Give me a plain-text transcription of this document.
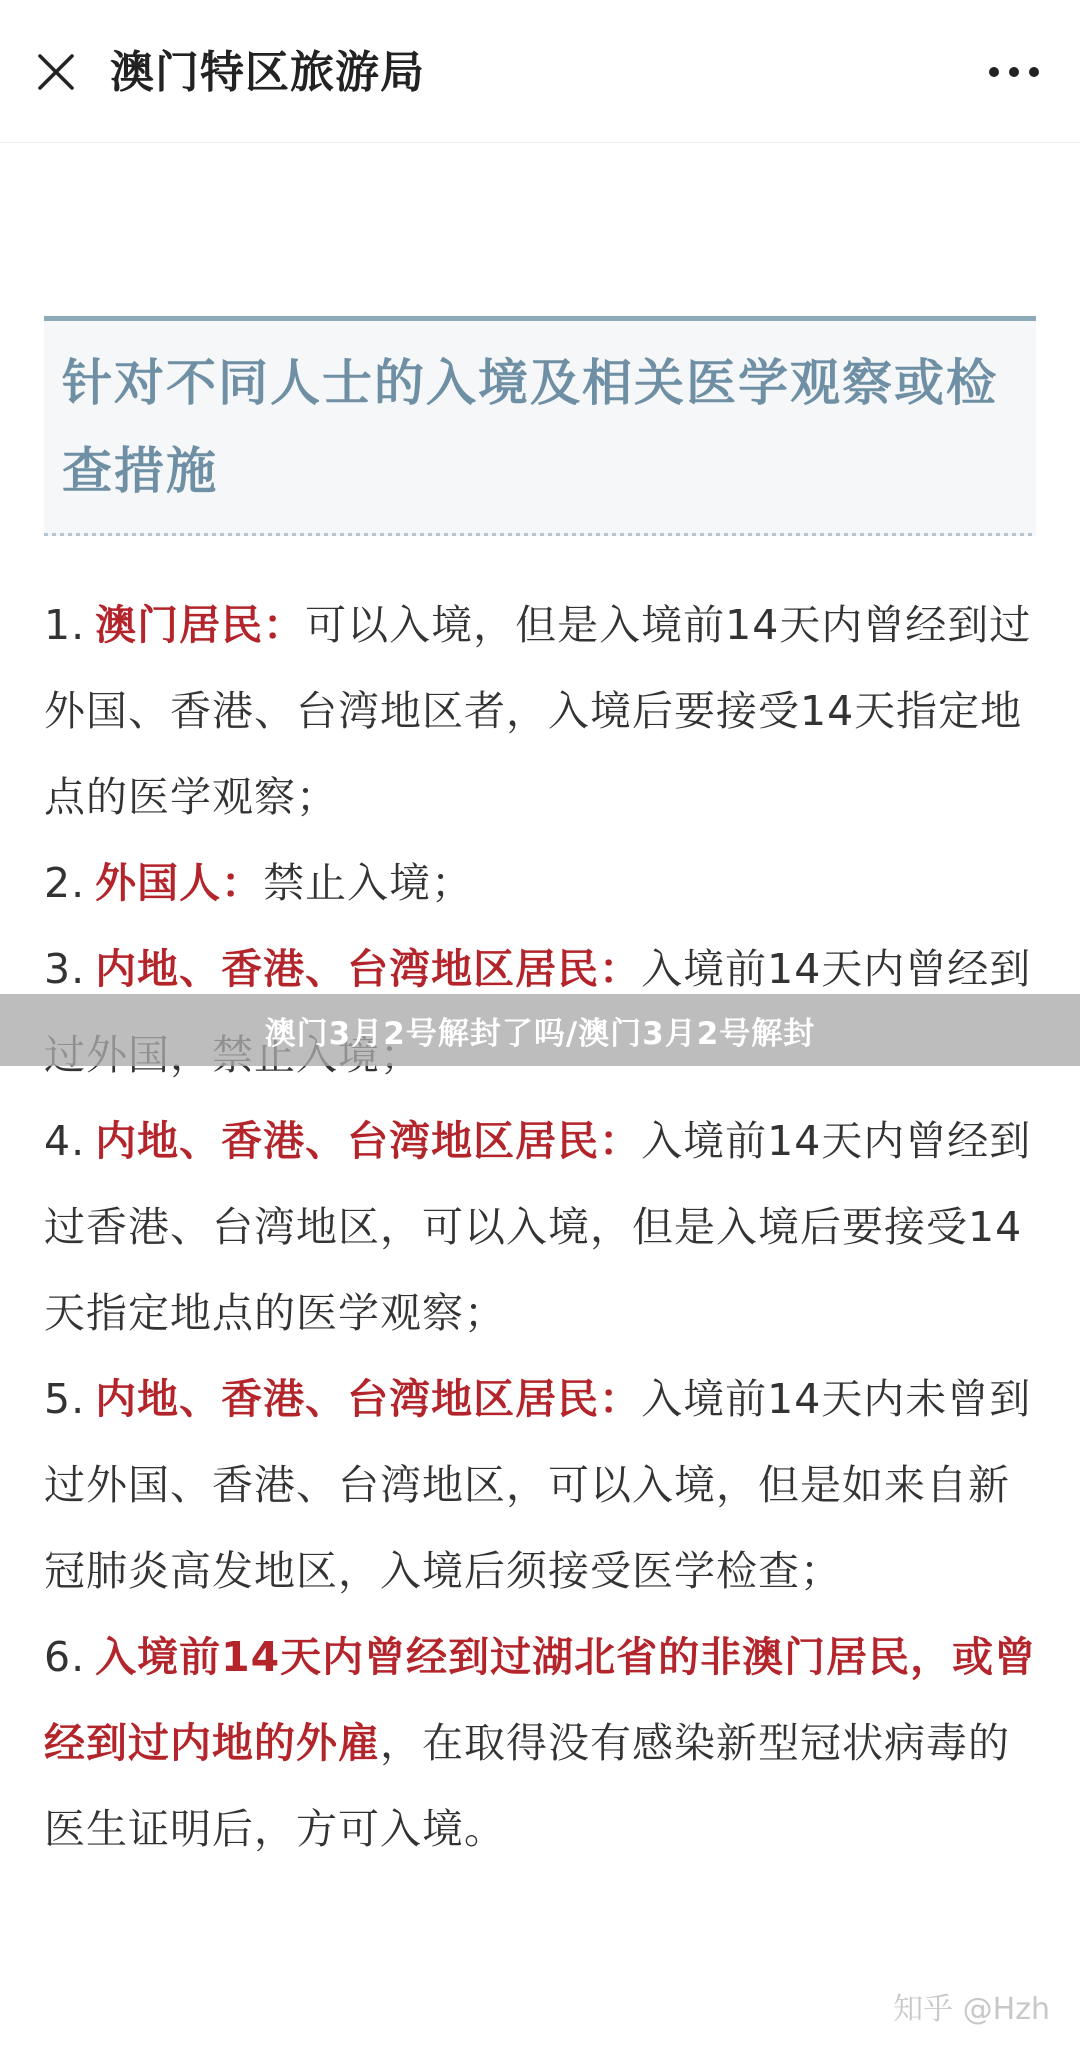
澳门特区旅游局
针对不同人士的入境及相关医学观察或检查措施

1. 澳门居民：可以入境，但是入境前14天内曾经到过外国、香港、台湾地区者，入境后要接受14天指定地点的医学观察；

2. 外国人：禁止入境；

3. 内地、香港、台湾地区居民：入境前14天内曾经到

4. 内地、香港、台湾地区居民：入境前14天内曾经到过香港、台湾地区，可以入境，但是入境后要接受14天指定地点的医学观察；

5. 内地、香港、台湾地区居民：入境前14天内未曾到过外国、香港、台湾地区，可以入境，但是如来自新冠肺炎高发地区，入境后须接受医学检查；

6. 入境前14天内曾经到过湖北省的非澳门居民，或曾经到过内地的外雇，在取得没有感染新型冠状病毒的医生证明后，方可入境。

澳门3月2号解封了吗/澳门3月2号解封
知乎 @Hzh
